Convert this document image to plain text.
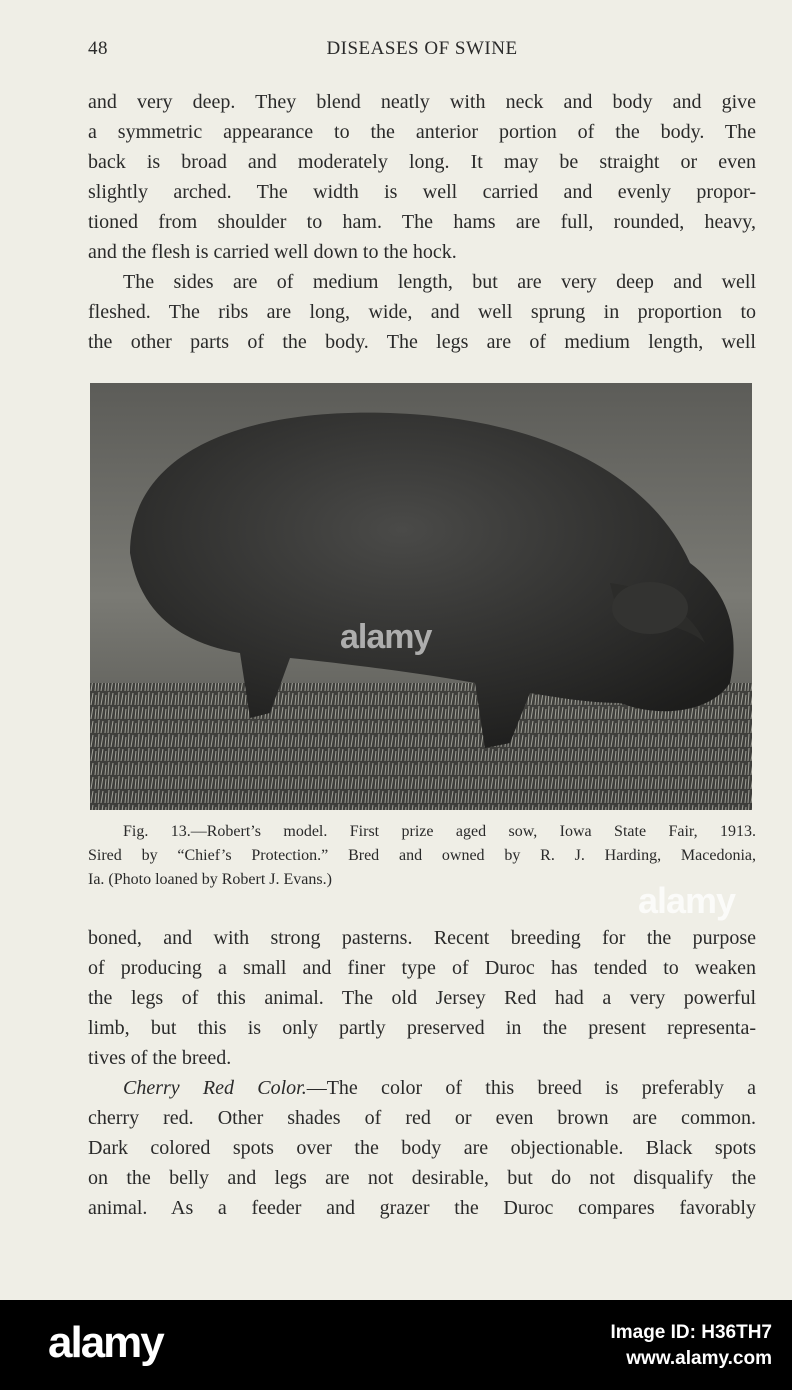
48	DISEASES OF SWINE
and very deep. They blend neatly with neck and body and give
a symmetric appearance to the anterior portion of the body. The
back is broad and moderately long. It may be straight or even
slightly arched. The width is well carried and evenly propor-
tioned from shoulder to ham. The hams are full, rounded, heavy,
and the flesh is carried well down to the hock.
The sides are of medium length, but are very deep and well
fleshed. The ribs are long, wide, and well sprung in proportion to
the other parts of the body. The legs are of medium length, well
alamy
Fig. 13.—Robert’s model. First prize aged sow, Iowa State Fair, 1913.
Sired by “Chief’s Protection.” Bred and owned by R. J. Harding, Macedonia,
Ia. (Photo loaned by Robert J. Evans.)
boned, and with strong pasterns. Recent breeding for the purpose
of producing a small and finer type of Duroc has tended to weaken
the legs of this animal. The old Jersey Red had a very powerful
limb, but this is only partly preserved in the present representa-
tives of the breed.
Cherry Red Color.—The color of this breed is preferably a
cherry red. Other shades of red or even brown are common.
Dark colored spots over the body are objectionable. Black spots
on the belly and legs are not desirable, but do not disqualify the
animal. As a feeder and grazer the Duroc compares favorably
alamy
alamy	Image ID: H36TH7
www.alamy.com
